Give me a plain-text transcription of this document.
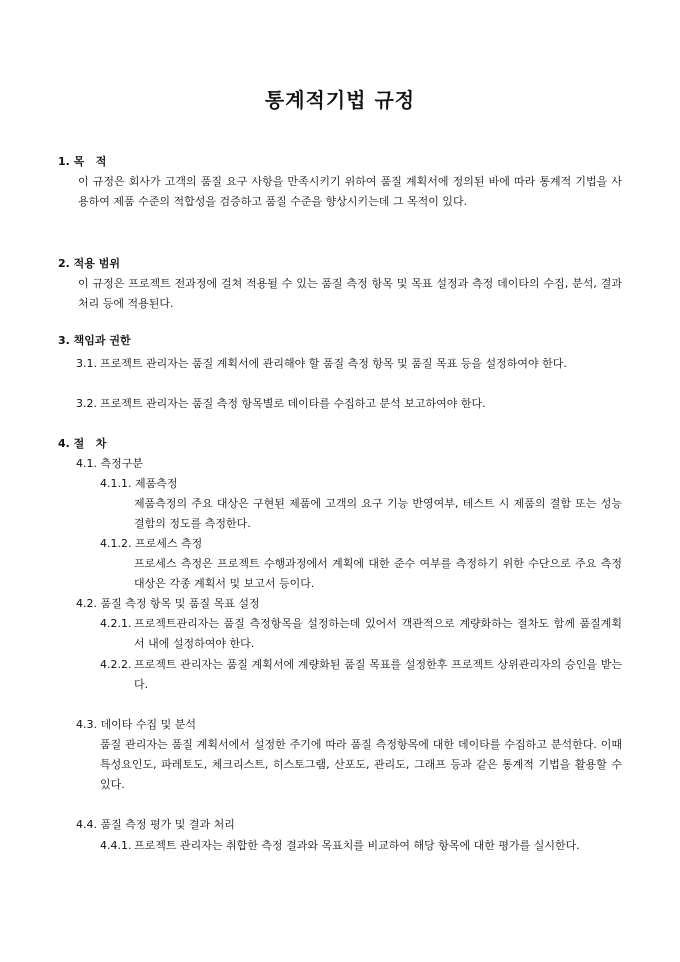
통계적기법 규정
1. 목   적
이 규정은 회사가 고객의 품질 요구 사항을 만족시키기 위하여 품질 계획서에 정의된 바에 따라 통계적 기법을 사용하여 제품 수준의 적합성을 검증하고 품질 수준을 향상시키는데 그 목적이 있다.
2. 적용 범위
이 규정은 프로젝트 전과정에 걸쳐 적용될 수 있는 품질 측정 항목 및 목표 설정과 측정 데이타의 수집, 분석, 결과 처리 등에 적용된다.
3. 책임과 권한
3.1. 프로젝트 관리자는 품질 계획서에 관리해야 할 품질 측정 항목 및 품질 목표 등을 설정하여야 한다.
3.2. 프로젝트 관리자는 품질 측정 항목별로 데이타를 수집하고 분석 보고하여야 한다.
4. 절   차
4.1. 측정구분
4.1.1. 제품측정
제품측정의 주요 대상은 구현된 제품에 고객의 요구 기능 반영여부, 테스트 시 제품의 결함 또는 성능 결함의 정도를 측정한다.
4.1.2. 프로세스 측정
프로세스 측정은 프로젝트 수행과정에서 계획에 대한 준수 여부를 측정하기 위한 수단으로 주요 측정 대상은 각종 계획서 및 보고서 등이다.
4.2. 품질 측정 항목 및 품질 목표 설정
4.2.1. 프로젝트관리자는 품질 측정항목을 설정하는데 있어서 객관적으로 계량화하는 절차도 함께 품질계획서 내에 설정하여야 한다.
4.2.2. 프로젝트 관리자는 품질 계획서에 계량화된 품질 목표를 설정한후 프로젝트 상위관리자의 승인을 받는다.
4.3. 데이타 수집 및 분석
품질 관리자는 품질 계획서에서 설정한 주기에 따라 품질 측정항목에 대한 데이타를 수집하고 분석한다. 이때 특성요인도, 파레토도, 체크리스트, 히스토그램, 산포도, 관리도, 그래프 등과 같은 통계적 기법을 활용할 수 있다.
4.4. 품질 측정 평가 및 결과 처리
4.4.1. 프로젝트 관리자는 취합한 측정 결과와 목표치를 비교하여 해당 항목에 대한 평가를 실시한다.
